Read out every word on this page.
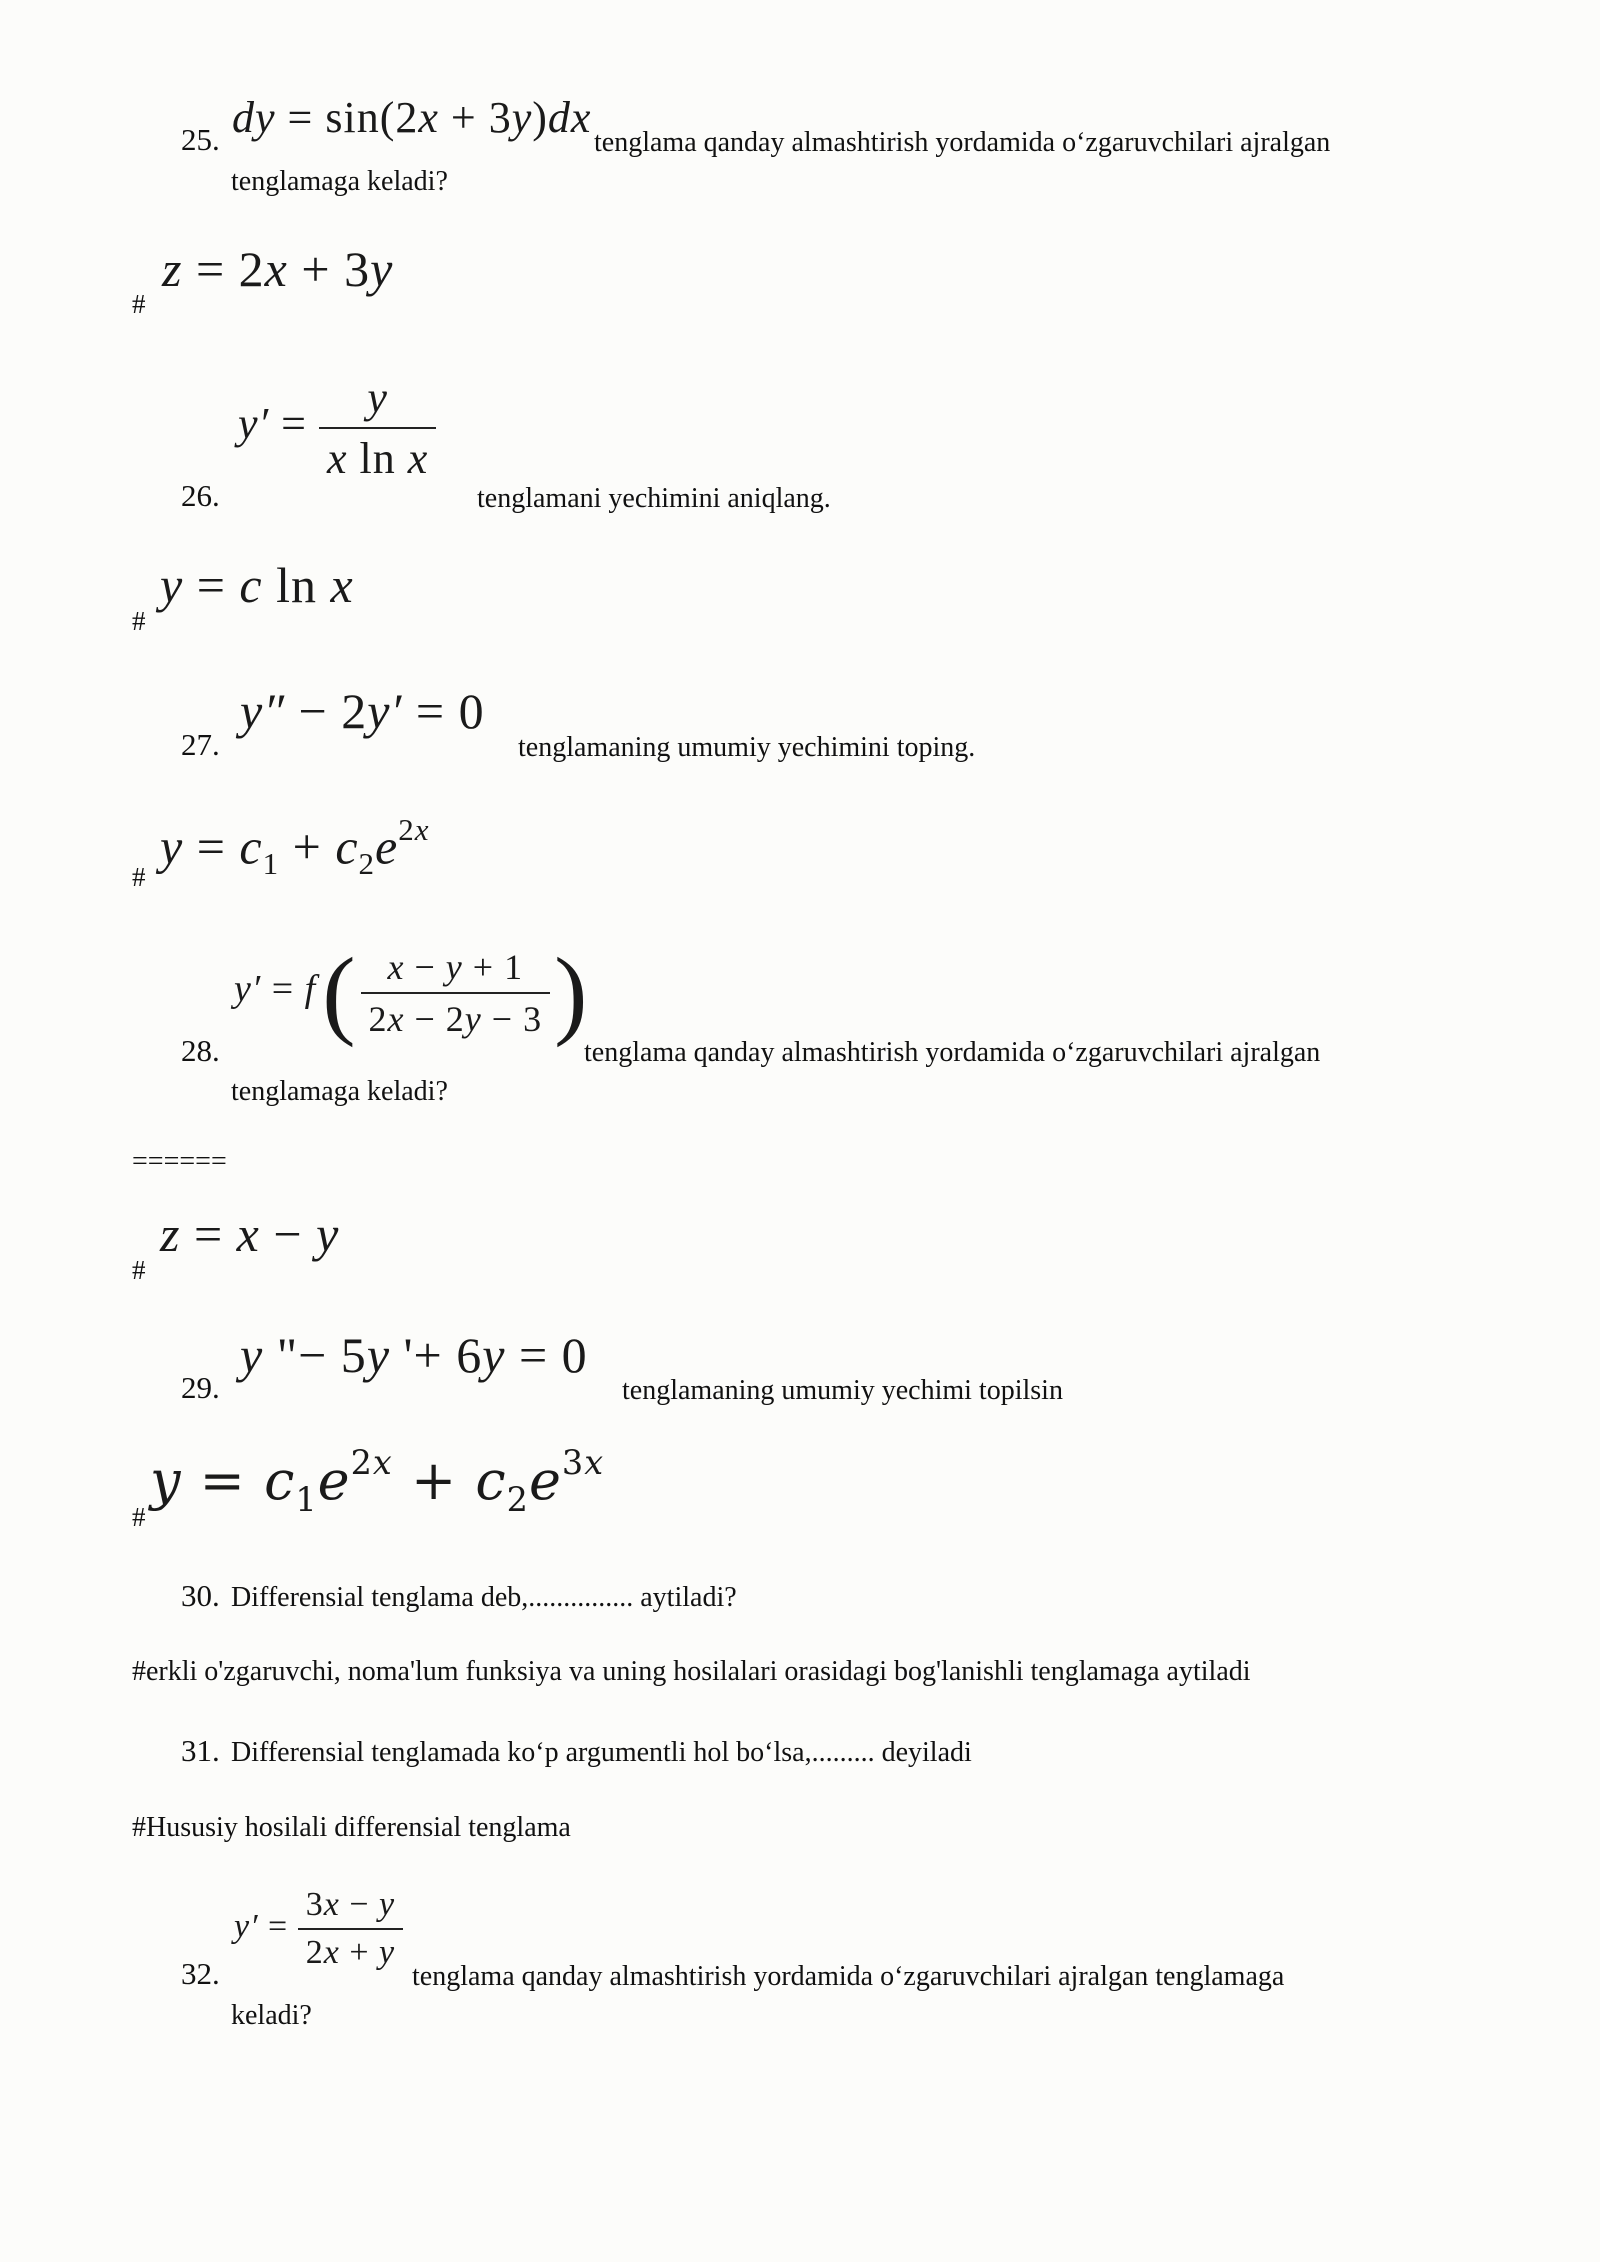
25. dy = sin(2x + 3y)dx
tenglama qanday almashtirish yordamida o‘zgaruvchilari ajralgan
tenglamaga keladi?
#
z = 2x + 3y
26.
$y' = \frac{y}{\text{x ln x}}$
tenglamani yechimini aniqlang.
#
y = c ln x
27.
y″ − 2y′ = 0
tenglamaning umumiy yechimini toping.
#
$y = c_1 + c_2e^{2x}$
28.
$y' = f( \frac{x - y + 1}{2x - 2y - 3}$ )
tenglama qanday almashtirish yordamida o‘zgaruvchilari ajralgan
tenglamaga keladi?
======
#
z = x − y
29.
y "− 5y '+ 6y = 0
tenglamaning umumiy yechimi topilsin
#
$y = c_1e^{2x} + c_2e^{3x}$
30. Differensial tenglama deb,............... aytiladi?
#erkli o'zgaruvchi, noma'lum funksiya va uning hosilalari orasidagi bog'lanishli tenglamaga aytiladi
31. Differensial tenglamada ko‘p argumentli hol bo‘lsa,......... deyiladi
#Hususiy hosilali differensial tenglama
32.
$y' = \frac{3x - y}{2x + y}$
tenglama qanday almashtirish yordamida o‘zgaruvchilari ajralgan tenglamaga
keladi?
